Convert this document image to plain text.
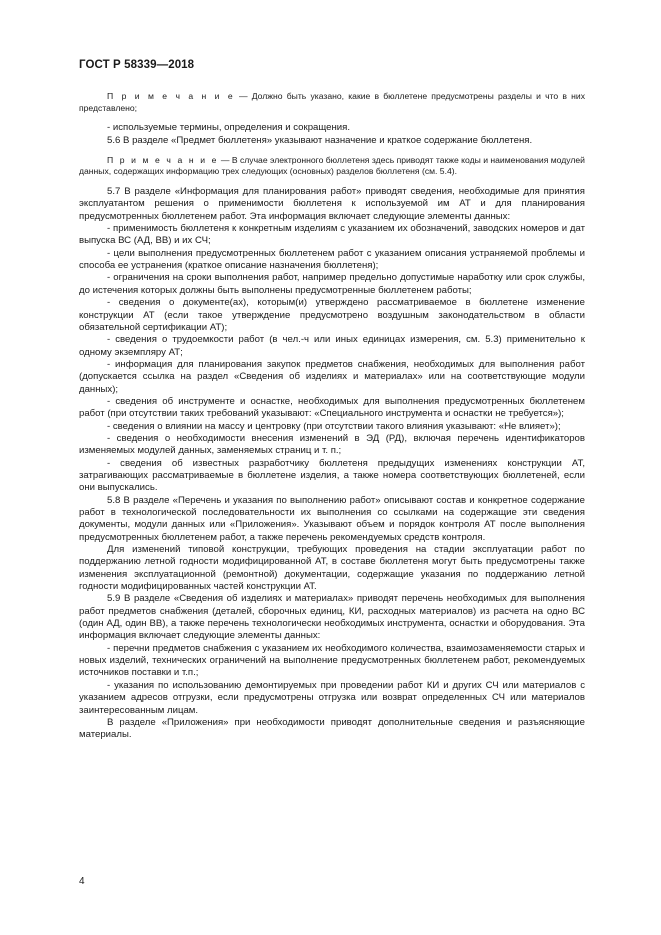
ГОСТ Р 58339—2018

П р и м е ч а н и е — Должно быть указано, какие в бюллетене предусмотрены разделы и что в них представлено;

- используемые термины, определения и сокращения.

5.6 В разделе «Предмет бюллетеня» указывают назначение и краткое содержание бюллетеня.

П р и м е ч а н и е — В случае электронного бюллетеня здесь приводят также коды и наименования модулей данных, содержащих информацию трех следующих (основных) разделов бюллетеня (см. 5.4).

5.7 В разделе «Информация для планирования работ» приводят сведения, необходимые для принятия эксплуатантом решения о применимости бюллетеня к используемой им АТ и для планирования предусмотренных бюллетенем работ. Эта информация включает следующие элементы данных:

- применимость бюллетеня к конкретным изделиям с указанием их обозначений, заводских номеров и дат выпуска ВС (АД, ВВ) и их СЧ;

- цели выполнения предусмотренных бюллетенем работ с указанием описания устраняемой проблемы и способа ее устранения (краткое описание назначения бюллетеня);

- ограничения на сроки выполнения работ, например предельно допустимые наработку или срок службы, до истечения которых должны быть выполнены предусмотренные бюллетенем работы;

- сведения о документе(ах), которым(и) утверждено рассматриваемое в бюллетене изменение конструкции АТ (если такое утверждение предусмотрено воздушным законодательством в области обязательной сертификации АТ);

- сведения о трудоемкости работ (в чел.-ч или иных единицах измерения, см. 5.3) применительно к одному экземпляру АТ;

- информация для планирования закупок предметов снабжения, необходимых для выполнения работ (допускается ссылка на раздел «Сведения об изделиях и материалах» или на соответствующие модули данных);

- сведения об инструменте и оснастке, необходимых для выполнения предусмотренных бюллетенем работ (при отсутствии таких требований указывают: «Специального инструмента и оснастки не требуется»);

- сведения о влиянии на массу и центровку (при отсутствии такого влияния указывают: «Не влияет»);

- сведения о необходимости внесения изменений в ЭД (РД), включая перечень идентификаторов изменяемых модулей данных, заменяемых страниц и т. п.;

- сведения об известных разработчику бюллетеня предыдущих изменениях конструкции АТ, затрагивающих рассматриваемые в бюллетене изделия, а также номера соответствующих бюллетеней, если они выпускались.

5.8 В разделе «Перечень и указания по выполнению работ» описывают состав и конкретное содержание работ в технологической последовательности их выполнения со ссылками на содержащие эти сведения документы, модули данных или «Приложения». Указывают объем и порядок контроля АТ после выполнения предусмотренных бюллетенем работ, а также перечень рекомендуемых средств контроля.

Для изменений типовой конструкции, требующих проведения на стадии эксплуатации работ по поддержанию летной годности модифицированной АТ, в составе бюллетеня могут быть предусмотрены также изменения эксплуатационной (ремонтной) документации, содержащие указания по поддержанию летной годности модифицированных частей конструкции АТ.

5.9 В разделе «Сведения об изделиях и материалах» приводят перечень необходимых для выполнения работ предметов снабжения (деталей, сборочных единиц, КИ, расходных материалов) из расчета на одно ВС (один АД, один ВВ), а также перечень технологически необходимых инструмента, оснастки и оборудования. Эта информация включает следующие элементы данных:

- перечни предметов снабжения с указанием их необходимого количества, взаимозаменяемости старых и новых изделий, технических ограничений на выполнение предусмотренных бюллетенем работ, рекомендуемых источников поставки и т.п.;

- указания по использованию демонтируемых при проведении работ КИ и других СЧ или материалов с указанием адресов отгрузки, если предусмотрены отгрузка или возврат определенных СЧ или материалов заинтересованным лицам.

В разделе «Приложения» при необходимости приводят дополнительные сведения и разъясняющие материалы.

4
